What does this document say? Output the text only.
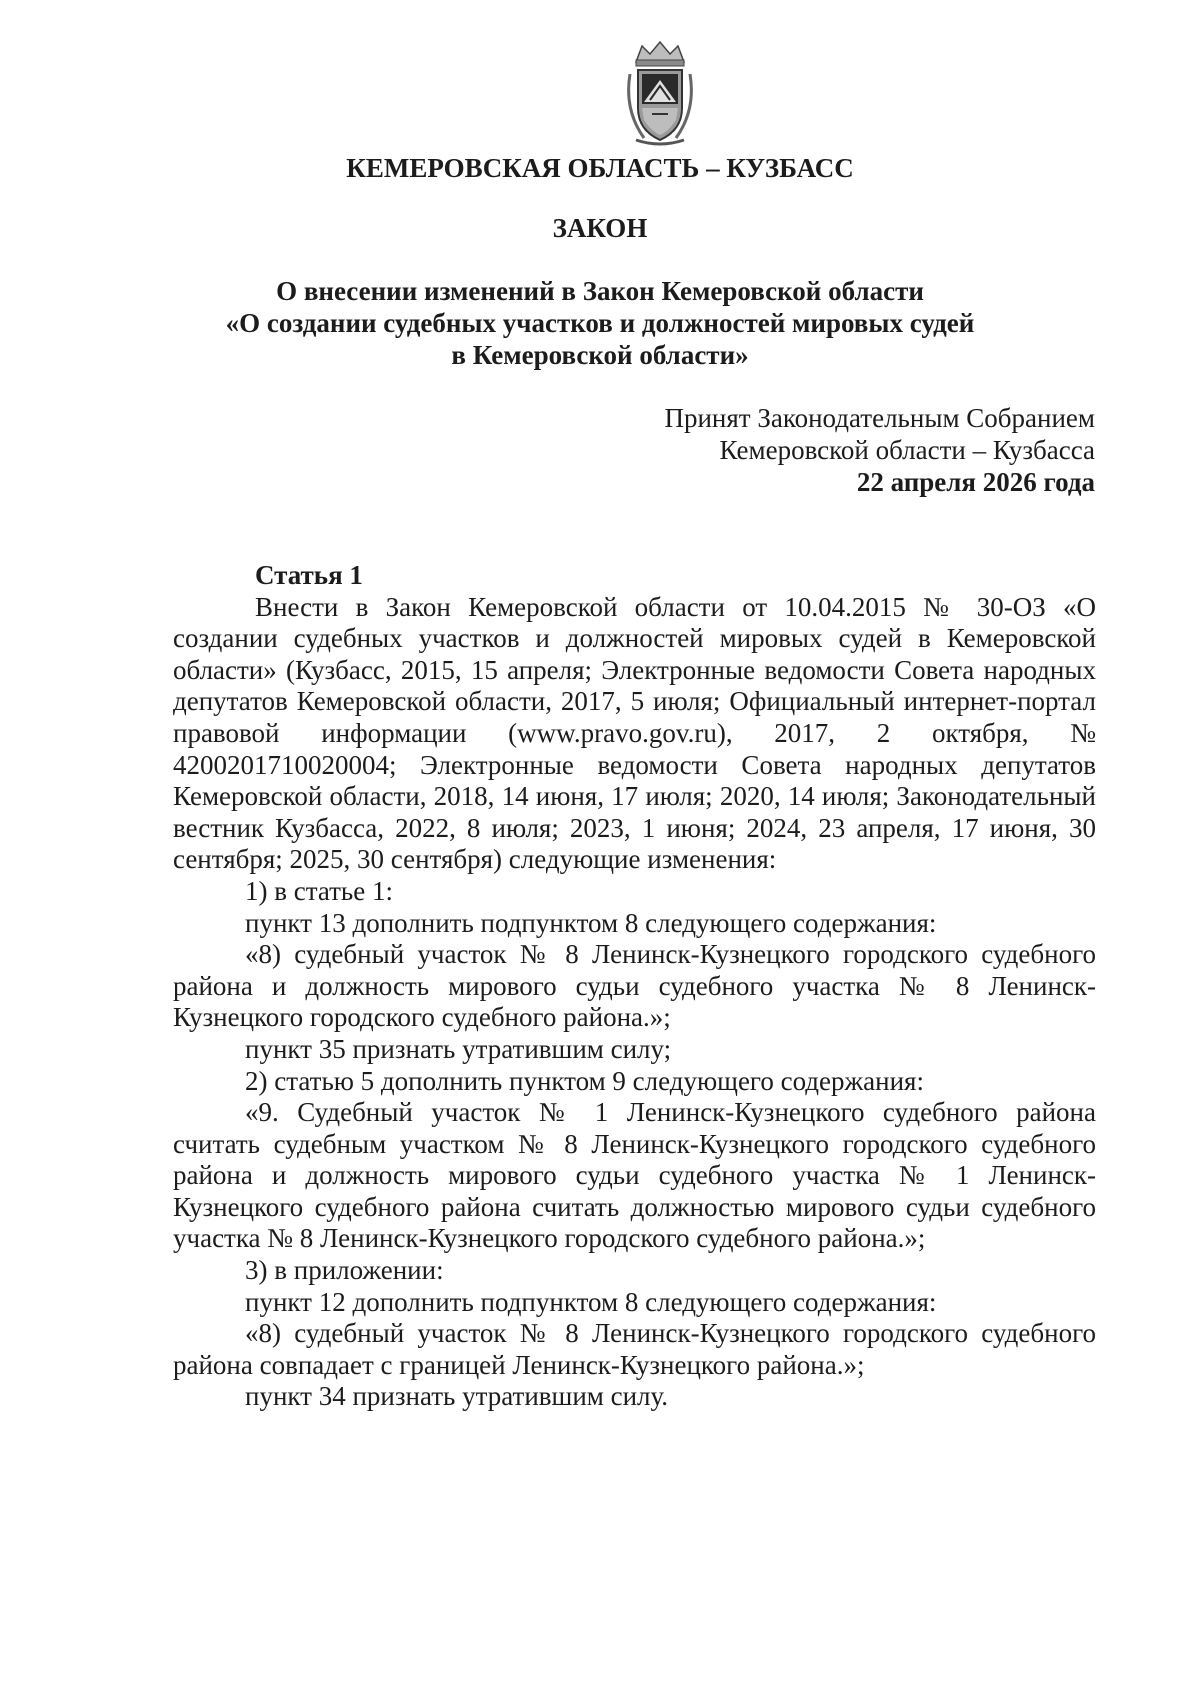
КЕМЕРОВСКАЯ ОБЛАСТЬ – КУЗБАСС
ЗАКОН
О внесении изменений в Закон Кемеровской области
«О создании судебных участков и должностей мировых судей
в Кемеровской области»
Принят Законодательным Собранием
Кемеровской области – Кузбасса
22 апреля 2026 года

Статья 1

Внести в Закон Кемеровской области от 10.04.2015 № 30-ОЗ «О создании судебных участков и должностей мировых судей в Кемеровской области» (Кузбасс, 2015, 15 апреля; Электронные ведомости Совета народных депутатов Кемеровской области, 2017, 5 июля; Официальный интернет-портал правовой информации (www.pravo.gov.ru), 2017, 2 октября, № 4200201710020004; Электронные ведомости Совета народных депутатов Кемеровской области, 2018, 14 июня, 17 июля; 2020, 14 июля; Законодательный вестник Кузбасса, 2022, 8 июля; 2023, 1 июня; 2024, 23 апреля, 17 июня, 30 сентября; 2025, 30 сентября) следующие изменения:

1) в статье 1:

пункт 13 дополнить подпунктом 8 следующего содержания:

«8) судебный участок № 8 Ленинск-Кузнецкого городского судебного района и должность мирового судьи судебного участка № 8 Ленинск-Кузнецкого городского судебного района.»;

пункт 35 признать утратившим силу;

2) статью 5 дополнить пунктом 9 следующего содержания:

«9. Судебный участок № 1 Ленинск-Кузнецкого судебного района считать судебным участком № 8 Ленинск-Кузнецкого городского судебного района и должность мирового судьи судебного участка № 1 Ленинск-Кузнецкого судебного района считать должностью мирового судьи судебного участка № 8 Ленинск-Кузнецкого городского судебного района.»;

3) в приложении:

пункт 12 дополнить подпунктом 8 следующего содержания:

«8) судебный участок № 8 Ленинск-Кузнецкого городского судебного района совпадает с границей Ленинск-Кузнецкого района.»;

пункт 34 признать утратившим силу.
